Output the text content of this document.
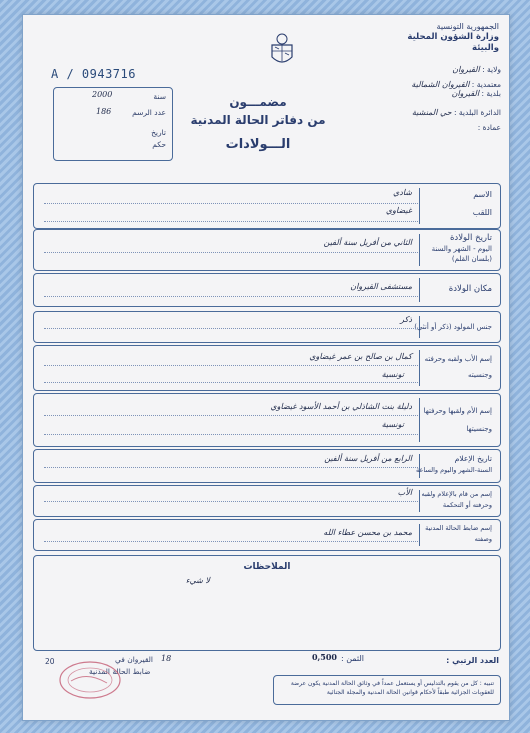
الجمهورية التونسية
وزارة الشؤون المحلية والبيئة
ولاية : القيروان
معتمدية : القيروان الشمالية
بلدية : القيروان
الدائرة البلدية : حي المنشية
عمادة :
A / 0943716
سنة
2000
عدد الرسم
186
تاريخ
حكم
مضمـــون
من دفاتر الحالة المدنية
الـــولادات
الاسم
اللقب
شادي
غيضاوي
تاريخ الولادة
اليوم - الشهر والسنة
(بلسان القلم)
الثاني من أفريل سنة ألفين
مكان الولادة
مستشفى القيروان
جنس المولود (ذكر أو أنثى)
ذكر
إسم الأب ولقبه وحرفته
وجنسيته
كمال بن صالح بن عمر غيضاوي
تونسية
إسم الأم ولقبها وحرفتها
وجنسيتها
دليلة بنت الشاذلي بن أحمد الأسود غيضاوي
تونسية
تاريخ الإعلام
السنة-الشهر واليوم والساعة
الرابع من أفريل سنة ألفين
إسم من قام بالإعلام ولقبه
وحرفته أو التحكمة
الأب
إسم ضابط الحالة المدنية
وصفته
محمد بن محسن عطاء الله
الملاحظات
لا شيء
العدد الرتبي :
الثمن :
0,500
القيروان في 18
20
ضابط الحالة المدنية
تنبيه : كل من يقوم بالتدليس أو يستعمل عمداً في وثائق الحالة المدنية يكون عرضة للعقوبات الجزائية طبقاً لأحكام قوانين الحالة المدنية والمجلة الجنائية
